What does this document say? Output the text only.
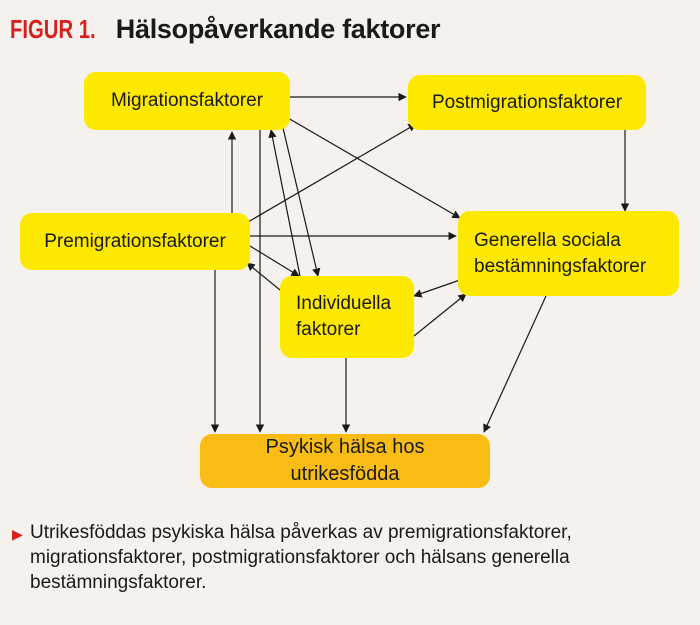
FIGUR 1. Hälsopåverkande faktorer
Migrationsfaktorer	Postmigrationsfaktorer
Premigrationsfaktorer	Generella sociala bestämningsfaktorer
Individuella faktorer
Psykisk hälsa hos utrikesfödda
▶ Utrikesföddas psykiska hälsa påverkas av premigrationsfaktorer, migrationsfaktorer, postmigrationsfaktorer och hälsans generella bestämningsfaktorer.
